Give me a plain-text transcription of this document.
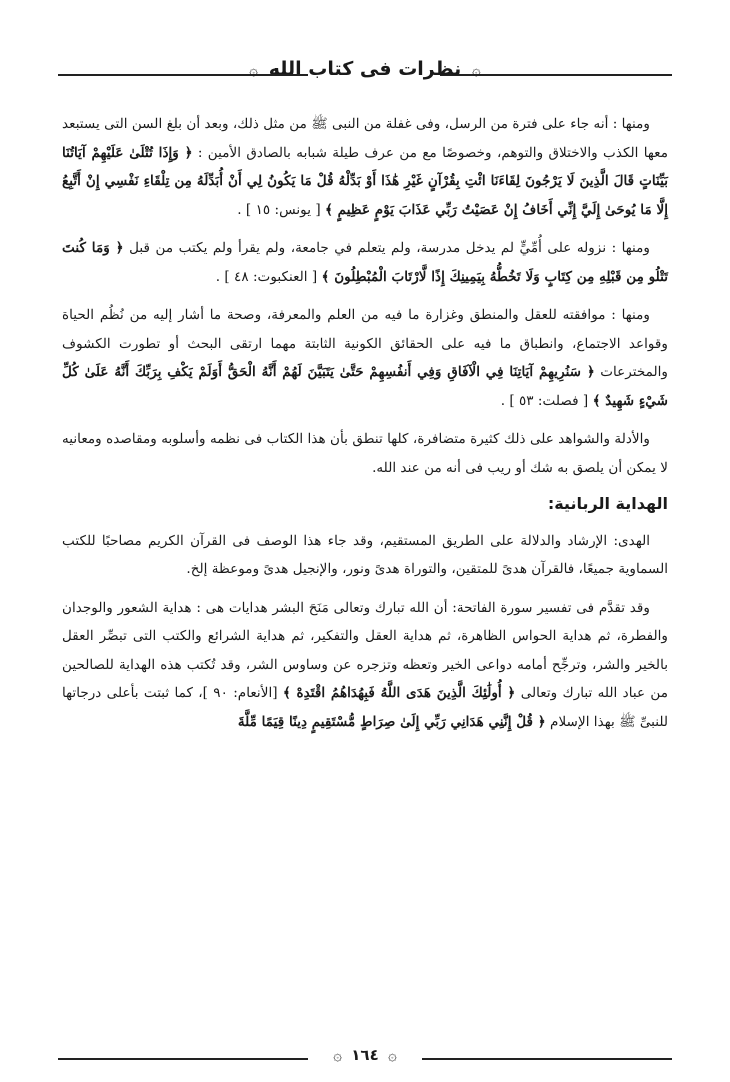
۞ نظرات فى كتاب الله ۞

ومنها : أنه جاء على فترة من الرسل، وفى غفلة من النبى ﷺ من مثل ذلك، وبعد أن بلغ السن التى يستبعد معها الكذب والاختلاق والتوهم، وخصوصًا مع من عرف طيلة شبابه بالصادق الأمين : ﴿ وَإِذَا تُتْلَىٰ عَلَيْهِمْ آيَاتُنَا بَيِّنَاتٍ قَالَ الَّذِينَ لَا يَرْجُونَ لِقَاءَنَا ائْتِ بِقُرْآنٍ غَيْرِ هَٰذَا أَوْ بَدِّلْهُ قُلْ مَا يَكُونُ لِي أَنْ أُبَدِّلَهُ مِن تِلْقَاءِ نَفْسِي إِنْ أَتَّبِعُ إِلَّا مَا يُوحَىٰ إِلَيَّ إِنِّي أَخَافُ إِنْ عَصَيْتُ رَبِّي عَذَابَ يَوْمٍ عَظِيمٍ ﴾ [ يونس: ١٥ ] .

ومنها : نزوله على أُمِّيٍّ لم يدخل مدرسة، ولم يتعلم في جامعة، ولم يقرأ ولم يكتب من قبل ﴿ وَمَا كُنتَ تَتْلُو مِن قَبْلِهِ مِن كِتَابٍ وَلَا تَخُطُّهُ بِيَمِينِكَ إِذًا لَّارْتَابَ الْمُبْطِلُونَ ﴾ [ العنكبوت: ٤٨ ] .

ومنها : موافقته للعقل والمنطق وغزارة ما فيه من العلم والمعرفة، وصحة ما أشار إليه من نُظُم الحياة وقواعد الاجتماع، وانطباق ما فيه على الحقائق الكونية الثابتة مهما ارتقى البحث أو تطورت الكشوف والمخترعات ﴿ سَنُرِيهِمْ آيَاتِنَا فِي الْآفَاقِ وَفِي أَنفُسِهِمْ حَتَّىٰ يَتَبَيَّنَ لَهُمْ أَنَّهُ الْحَقُّ أَوَلَمْ يَكْفِ بِرَبِّكَ أَنَّهُ عَلَىٰ كُلِّ شَيْءٍ شَهِيدٌ ﴾ [ فصلت: ٥٣ ] .

والأدلة والشواهد على ذلك كثيرة متضافرة، كلها تنطق بأن هذا الكتاب فى نظمه وأسلوبه ومقاصده ومعانيه لا يمكن أن يلصق به شك أو ريب فى أنه من عند الله.

الهداية الربانية:

الهدى: الإرشاد والدلالة على الطريق المستقيم، وقد جاء هذا الوصف فى القرآن الكريم مصاحبًا للكتب السماوية جميعًا، فالقرآن هدىً للمتقين، والتوراة هدىً ونور، والإنجيل هدىً وموعظة إلخ.

وقد تقدَّم فى تفسير سورة الفاتحة: أن الله تبارك وتعالى مَنَحَ البشر هدايات هى : هداية الشعور والوجدان والفطرة، ثم هداية الحواس الظاهرة، ثم هداية العقل والتفكير، ثم هداية الشرائع والكتب التى تبصِّر العقل بالخير والشر، وترجِّح أمامه دواعى الخير وتعظه وتزجره عن وساوس الشر، وقد تُكتب هذه الهداية للصالحين من عباد الله تبارك وتعالى ﴿ أُولَٰئِكَ الَّذِينَ هَدَى اللَّهُ فَبِهُدَاهُمُ اقْتَدِهْ ﴾ [الأنعام: ٩٠ ]، كما ثبتت بأعلى درجاتها للنبىِّ ﷺ بهذا الإسلام ﴿ قُلْ إِنَّنِي هَدَانِي رَبِّي إِلَىٰ صِرَاطٍ مُّسْتَقِيمٍ دِينًا قِيَمًا مِّلَّةَ

۞ ١٦٤ ۞
